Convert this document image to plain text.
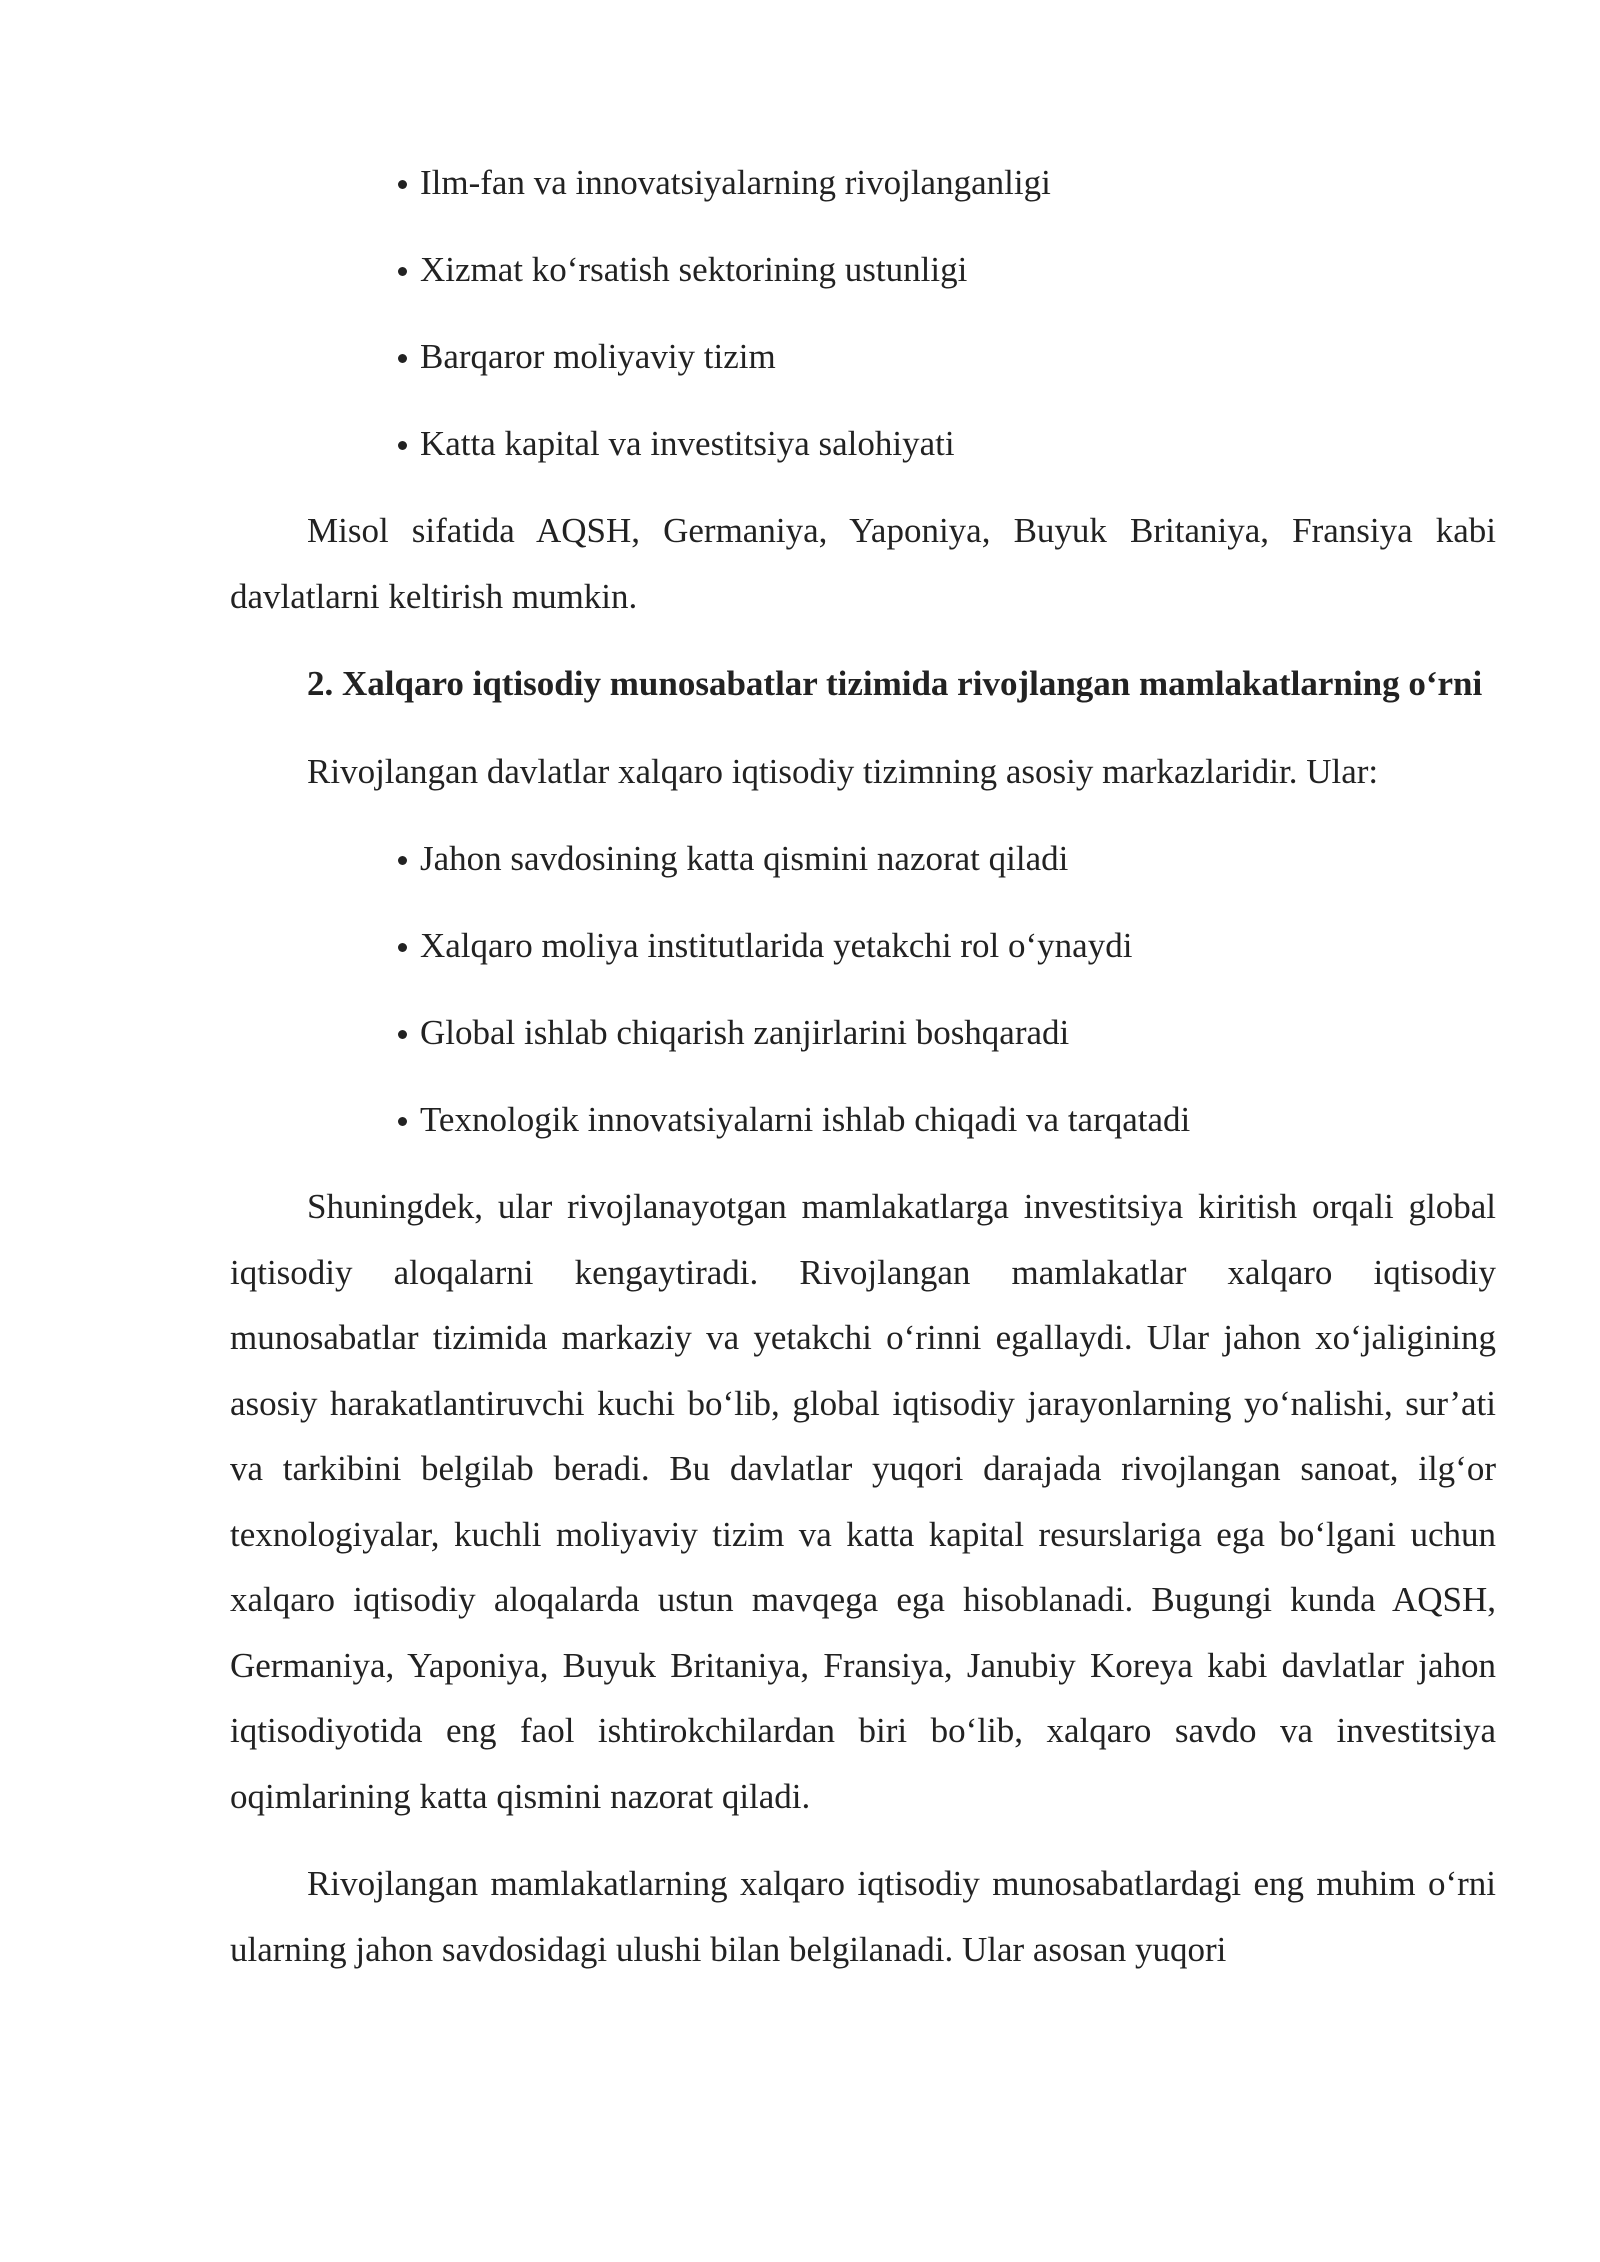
Ilm-fan va innovatsiyalarning rivojlanganligi
Xizmat ko‘rsatish sektorining ustunligi
Barqaror moliyaviy tizim
Katta kapital va investitsiya salohiyati

Misol sifatida AQSH, Germaniya, Yaponiya, Buyuk Britaniya, Fransiya kabi davlatlarni keltirish mumkin.

2. Xalqaro iqtisodiy munosabatlar tizimida rivojlangan mamlakatlarning o‘rni

Rivojlangan davlatlar xalqaro iqtisodiy tizimning asosiy markazlaridir. Ular:

Jahon savdosining katta qismini nazorat qiladi
Xalqaro moliya institutlarida yetakchi rol o‘ynaydi
Global ishlab chiqarish zanjirlarini boshqaradi
Texnologik innovatsiyalarni ishlab chiqadi va tarqatadi

Shuningdek, ular rivojlanayotgan mamlakatlarga investitsiya kiritish orqali global iqtisodiy aloqalarni kengaytiradi. Rivojlangan mamlakatlar xalqaro iqtisodiy munosabatlar tizimida markaziy va yetakchi o‘rinni egallaydi. Ular jahon xo‘jaligining asosiy harakatlantiruvchi kuchi bo‘lib, global iqtisodiy jarayonlarning yo‘nalishi, sur’ati va tarkibini belgilab beradi. Bu davlatlar yuqori darajada rivojlangan sanoat, ilg‘or texnologiyalar, kuchli moliyaviy tizim va katta kapital resurslariga ega bo‘lgani uchun xalqaro iqtisodiy aloqalarda ustun mavqega ega hisoblanadi. Bugungi kunda AQSH, Germaniya, Yaponiya, Buyuk Britaniya, Fransiya, Janubiy Koreya kabi davlatlar jahon iqtisodiyotida eng faol ishtirokchilardan biri bo‘lib, xalqaro savdo va investitsiya oqimlarining katta qismini nazorat qiladi.

Rivojlangan mamlakatlarning xalqaro iqtisodiy munosabatlardagi eng muhim o‘rni ularning jahon savdosidagi ulushi bilan belgilanadi. Ular asosan yuqori
